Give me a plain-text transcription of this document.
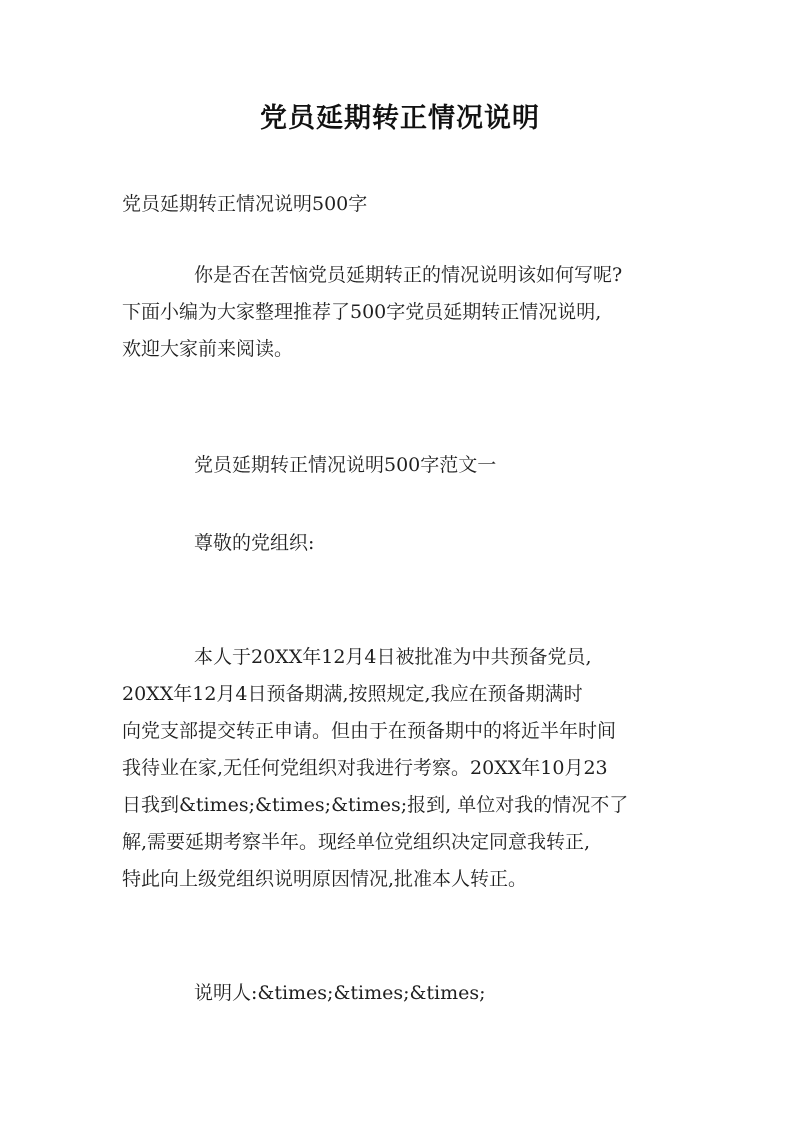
党员延期转正情况说明
党员延期转正情况说明500字
你是否在苦恼党员延期转正的情况说明该如何写呢?
下面小编为大家整理推荐了500字党员延期转正情况说明,
欢迎大家前来阅读。
党员延期转正情况说明500字范文一
尊敬的党组织:
本人于20XX年12月4日被批准为中共预备党员,
20XX年12月4日预备期满,按照规定,我应在预备期满时
向党支部提交转正申请。但由于在预备期中的将近半年时间
我待业在家,无任何党组织对我进行考察。20XX年10月23
日我到&times;&times;&times;报到, 单位对我的情况不了
解,需要延期考察半年。现经单位党组织决定同意我转正,
特此向上级党组织说明原因情况,批准本人转正。
说明人:&times;&times;&times;
